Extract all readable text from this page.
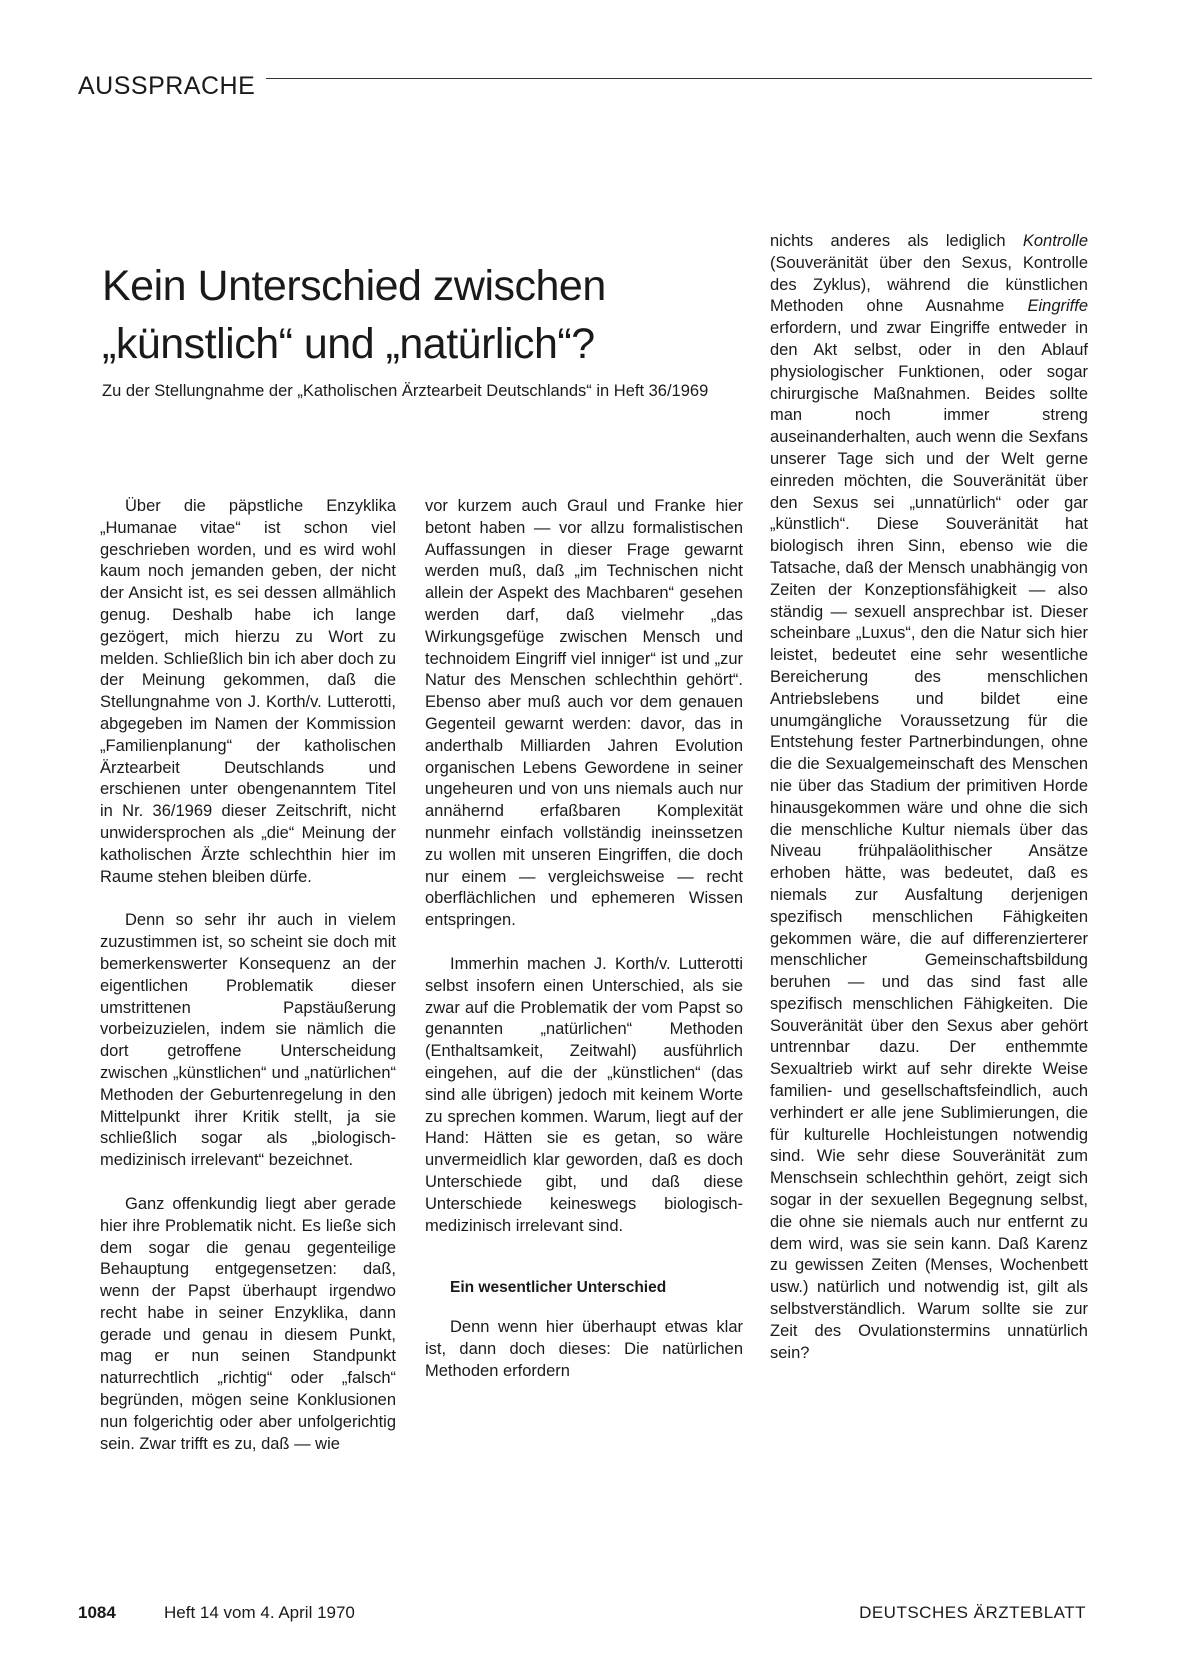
AUSSPRACHE
Kein Unterschied zwischen
„künstlich“ und „natürlich“?
Zu der Stellungnahme der „Katholischen Ärztearbeit Deutschlands“ in Heft 36/1969

Über die päpstliche Enzyklika „Humanae vitae“ ist schon viel geschrieben worden, und es wird wohl kaum noch jemanden geben, der nicht der Ansicht ist, es sei dessen allmählich genug. Deshalb habe ich lange gezögert, mich hierzu zu Wort zu melden. Schließlich bin ich aber doch zu der Meinung gekommen, daß die Stellungnahme von J. Korth/v. Lutterotti, abgegeben im Namen der Kommission „Familienplanung“ der katholischen Ärztearbeit Deutschlands und erschienen unter obengenanntem Titel in Nr. 36/1969 dieser Zeitschrift, nicht unwidersprochen als „die“ Meinung der katholischen Ärzte schlechthin hier im Raume stehen bleiben dürfe.

Denn so sehr ihr auch in vielem zuzustimmen ist, so scheint sie doch mit bemerkenswerter Konsequenz an der eigentlichen Problematik dieser umstrittenen Papstäußerung vorbeizuzielen, indem sie nämlich die dort getroffene Unterscheidung zwischen „künstlichen“ und „natürlichen“ Methoden der Geburtenregelung in den Mittelpunkt ihrer Kritik stellt, ja sie schließlich sogar als „biologisch-medizinisch irrelevant“ bezeichnet.

Ganz offenkundig liegt aber gerade hier ihre Problematik nicht. Es ließe sich dem sogar die genau gegenteilige Behauptung entgegensetzen: daß, wenn der Papst überhaupt irgendwo recht habe in seiner Enzyklika, dann gerade und genau in diesem Punkt, mag er nun seinen Standpunkt naturrechtlich „richtig“ oder „falsch“ begründen, mögen seine Konklusionen nun folgerichtig oder aber unfolgerichtig sein. Zwar trifft es zu, daß — wie

vor kurzem auch Graul und Franke hier betont haben — vor allzu formalistischen Auffassungen in dieser Frage gewarnt werden muß, daß „im Technischen nicht allein der Aspekt des Machbaren“ gesehen werden darf, daß vielmehr „das Wirkungsgefüge zwischen Mensch und technoidem Eingriff viel inniger“ ist und „zur Natur des Menschen schlechthin gehört“. Ebenso aber muß auch vor dem genauen Gegenteil gewarnt werden: davor, das in anderthalb Milliarden Jahren Evolution organischen Lebens Gewordene in seiner ungeheuren und von uns niemals auch nur annähernd erfaßbaren Komplexität nunmehr einfach vollständig ineinssetzen zu wollen mit unseren Eingriffen, die doch nur einem — vergleichsweise — recht oberflächlichen und ephemeren Wissen entspringen.

Immerhin machen J. Korth/v. Lutterotti selbst insofern einen Unterschied, als sie zwar auf die Problematik der vom Papst so genannten „natürlichen“ Methoden (Enthaltsamkeit, Zeitwahl) ausführlich eingehen, auf die der „künstlichen“ (das sind alle übrigen) jedoch mit keinem Worte zu sprechen kommen. Warum, liegt auf der Hand: Hätten sie es getan, so wäre unvermeidlich klar geworden, daß es doch Unterschiede gibt, und daß diese Unterschiede keineswegs biologisch-medizinisch irrelevant sind.

Ein wesentlicher Unterschied

Denn wenn hier überhaupt etwas klar ist, dann doch dieses: Die natürlichen Methoden erfordern

nichts anderes als lediglich Kontrolle (Souveränität über den Sexus, Kontrolle des Zyklus), während die künstlichen Methoden ohne Ausnahme Eingriffe erfordern, und zwar Eingriffe entweder in den Akt selbst, oder in den Ablauf physiologischer Funktionen, oder sogar chirurgische Maßnahmen. Beides sollte man noch immer streng auseinanderhalten, auch wenn die Sexfans unserer Tage sich und der Welt gerne einreden möchten, die Souveränität über den Sexus sei „unnatürlich“ oder gar „künstlich“. Diese Souveränität hat biologisch ihren Sinn, ebenso wie die Tatsache, daß der Mensch unabhängig von Zeiten der Konzeptionsfähigkeit — also ständig — sexuell ansprechbar ist. Dieser scheinbare „Luxus“, den die Natur sich hier leistet, bedeutet eine sehr wesentliche Bereicherung des menschlichen Antriebslebens und bildet eine unumgängliche Voraussetzung für die Entstehung fester Partnerbindungen, ohne die die Sexualgemeinschaft des Menschen nie über das Stadium der primitiven Horde hinausgekommen wäre und ohne die sich die menschliche Kultur niemals über das Niveau frühpaläolithischer Ansätze erhoben hätte, was bedeutet, daß es niemals zur Ausfaltung derjenigen spezifisch menschlichen Fähigkeiten gekommen wäre, die auf differenzierterer menschlicher Gemeinschaftsbildung beruhen — und das sind fast alle spezifisch menschlichen Fähigkeiten. Die Souveränität über den Sexus aber gehört untrennbar dazu. Der enthemmte Sexualtrieb wirkt auf sehr direkte Weise familien- und gesellschaftsfeindlich, auch verhindert er alle jene Sublimierungen, die für kulturelle Hochleistungen notwendig sind. Wie sehr diese Souveränität zum Menschsein schlechthin gehört, zeigt sich sogar in der sexuellen Begegnung selbst, die ohne sie niemals auch nur entfernt zu dem wird, was sie sein kann. Daß Karenz zu gewissen Zeiten (Menses, Wochenbett usw.) natürlich und notwendig ist, gilt als selbstverständlich. Warum sollte sie zur Zeit des Ovulationstermins unnatürlich sein?

1084	Heft 14 vom 4. April 1970	DEUTSCHES ÄRZTEBLATT
